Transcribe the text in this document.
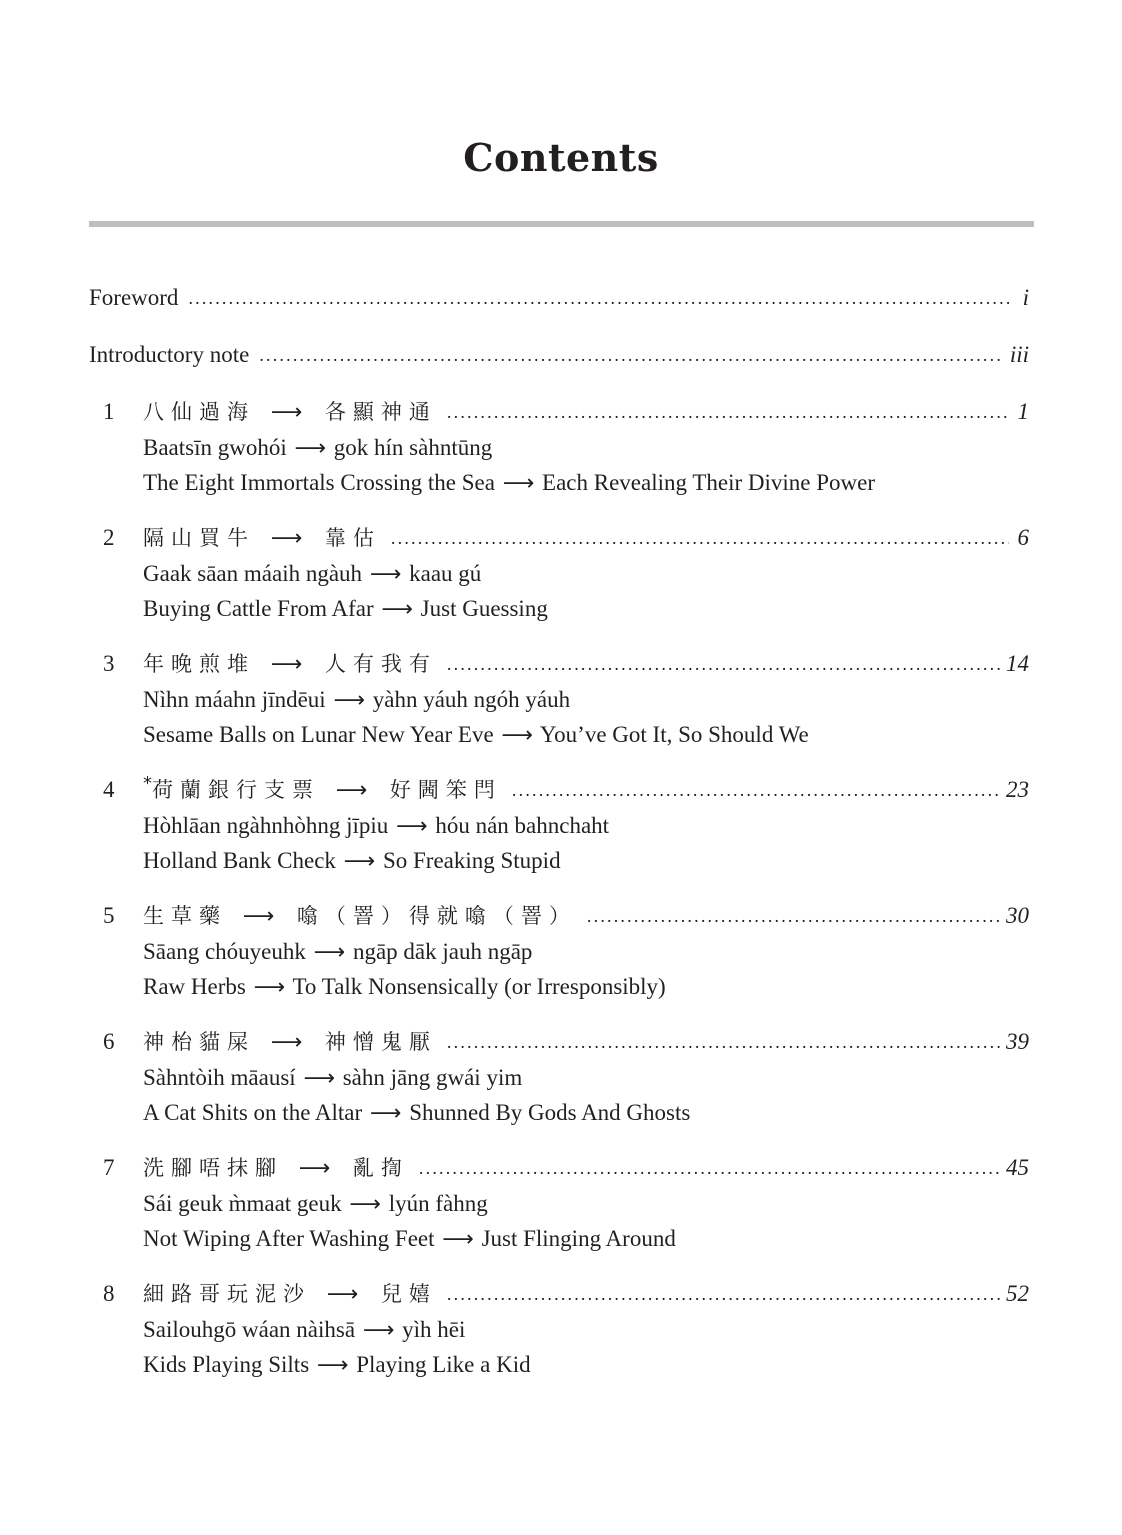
Contents
Foreword .....	i
Introductory note .....	iii
1 八仙過海 ⟶ 各顯神通 .....	1
Baatsīn gwohói ⟶ gok hín sàhntūng
The Eight Immortals Crossing the Sea ⟶ Each Revealing Their Divine Power
2 隔山買牛 ⟶ 靠估 .....	6
Gaak sāan máaih ngàuh ⟶ kaau gú
Buying Cattle From Afar ⟶ Just Guessing
3 年晚煎堆 ⟶ 人有我有 .....	14
Nìhn máahn jīndēui ⟶ yàhn yáuh ngóh yáuh
Sesame Balls on Lunar New Year Eve ⟶ You’ve Got It, So Should We
4 *荷蘭銀行支票 ⟶ 好閪笨閂 .....	23
Hòhlāan ngàhnhòhng jīpiu ⟶ hóu nán bahnchaht
Holland Bank Check ⟶ So Freaking Stupid
5 生草藥 ⟶ 噏（罯）得就噏（罯） .....	30
Sāang chóuyeuhk ⟶ ngāp dāk jauh ngāp
Raw Herbs ⟶ To Talk Nonsensically (or Irresponsibly)
6 神枱貓屎 ⟶ 神憎鬼厭 .....	39
Sàhntòih māausí ⟶ sàhn jāng gwái yim
A Cat Shits on the Altar ⟶ Shunned By Gods And Ghosts
7 洗腳唔抹腳 ⟶ 亂揈 .....	45
Sái geuk m̀maat geuk ⟶ lyún fàhng
Not Wiping After Washing Feet ⟶ Just Flinging Around
8 細路哥玩泥沙 ⟶ 兒嬉 .....	52
Sailouhgō wáan nàihsā ⟶ yìh hēi
Kids Playing Silts ⟶ Playing Like a Kid
